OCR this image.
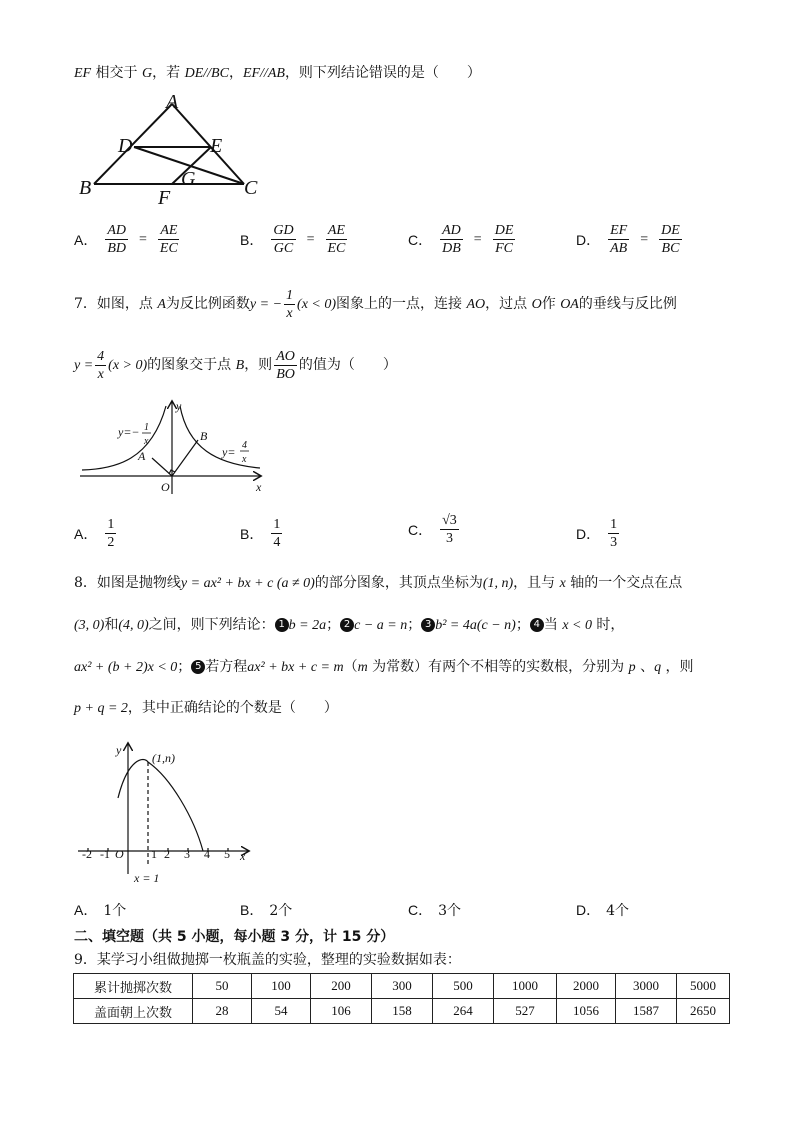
EF 相交于 G，若 DE//BC，EF//AB，则下列结论错误的是（　　）
A
D	E
B	C
G
F
A． $\frac{AD}{BD} = \frac{AE}{EC}$	B． $\frac{GD}{GC} = \frac{AE}{EC}$	C． $\frac{AD}{DB} = \frac{DE}{FC}$	D． $\frac{EF}{AB} = \frac{DE}{BC}$
7．如图，点 A为反比例函数y = − $\frac{1}{x} (x < 0)$图象上的一点，连接 AO，过点 O作 OA的垂线与反比例
$y = \frac{4}{x} (x > 0)$的图象交于点 B，则 $\frac{AO}{BO}$ 的值为（　　）
x
y
O
A
B
y=− 1
x
y= 4
x
A． $\frac{1}{2}$	B． $\frac{1}{4}$	C． $\frac{√3}{3}$	D． $\frac{1}{3}$
8．如图是抛物线y = ax² + bx + c (a ≠ 0)的部分图象，其顶点坐标为(1, n)，且与 x 轴的一个交点在点
(3, 0)和(4, 0)之间，则下列结论： 1 b = 2a； 2 c − a = n； 3 b² = 4a(c − n)； 4 当 x < 0 时，
ax² + (b + 2)x < 0； 5 若方程ax² + bx + c = m（m 为常数）有两个不相等的实数根，分别为 p 、q ，则
p + q = 2，其中正确结论的个数是（　　）
y
x
(1,n)
O
-2 -1	1 2 3 4 5
x = 1
A． 1个	B． 2个	C． 3个	D． 4个
二、填空题（共 5 小题，每小题 3 分，计 15 分）
9．某学习小组做抛掷一枚瓶盖的实验，整理的实验数据如表：
累计抛掷次数	50	100	200	300	500	1000	2000	3000	5000
盖面朝上次数	28	54	106	158	264	527	1056	1587	2650
